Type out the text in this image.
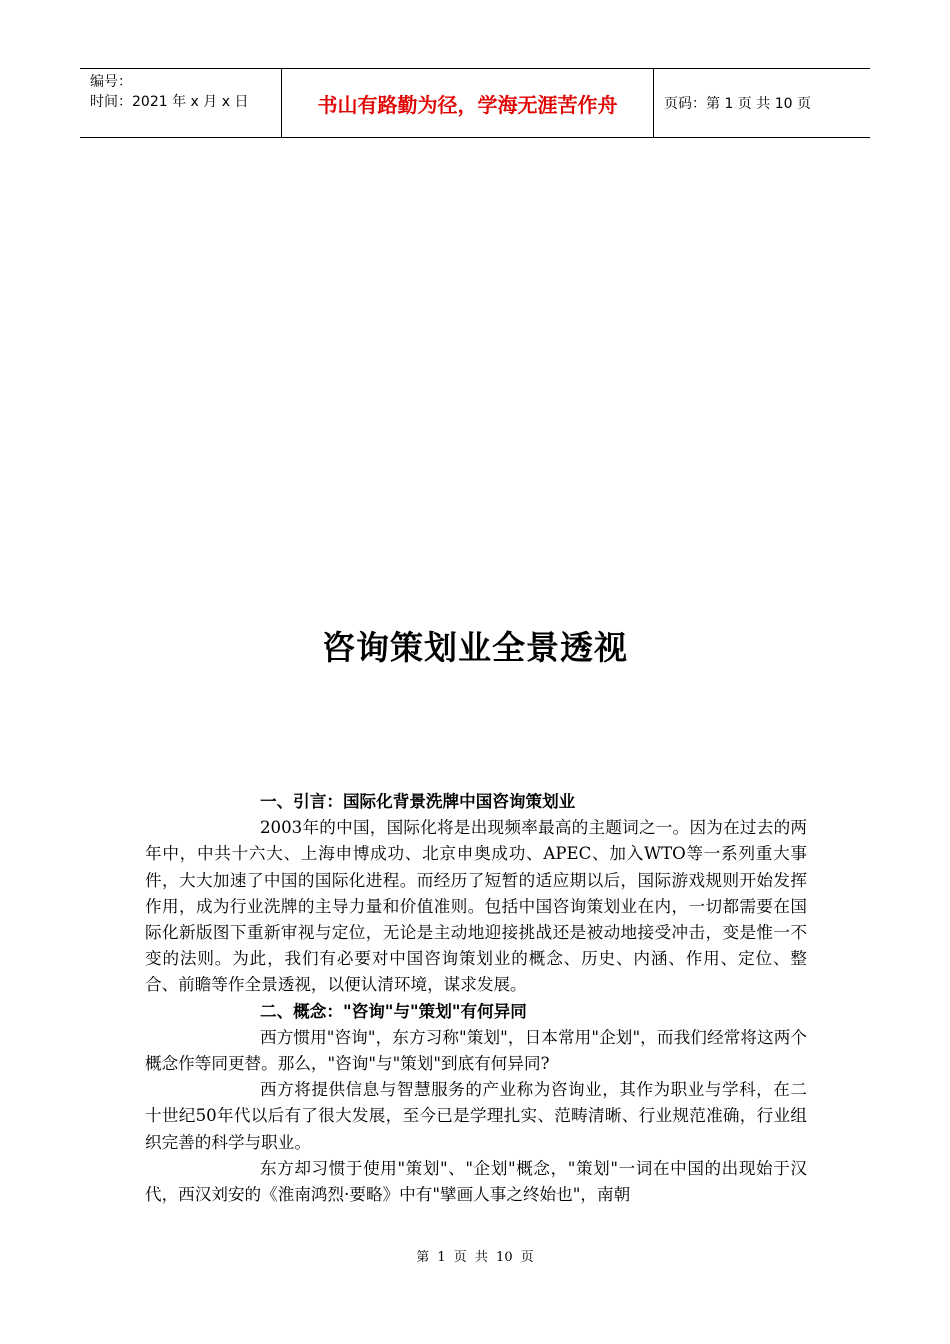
编号：
时间：2021 年 x 月 x 日	书山有路勤为径，学海无涯苦作舟	页码：第 1 页 共 10 页
咨询策划业全景透视

一、引言：国际化背景洗牌中国咨询策划业

2003年的中国，国际化将是出现频率最高的主题词之一。因为在过去的两年中，中共十六大、上海申博成功、北京申奥成功、APEC、加入WTO等一系列重大事件，大大加速了中国的国际化进程。而经历了短暂的适应期以后，国际游戏规则开始发挥作用，成为行业洗牌的主导力量和价值准则。包括中国咨询策划业在内，一切都需要在国际化新版图下重新审视与定位，无论是主动地迎接挑战还是被动地接受冲击，变是惟一不变的法则。为此，我们有必要对中国咨询策划业的概念、历史、内涵、作用、定位、整合、前瞻等作全景透视，以便认清环境，谋求发展。

二、概念："咨询"与"策划"有何异同

西方惯用"咨询"，东方习称"策划"，日本常用"企划"，而我们经常将这两个概念作等同更替。那么，"咨询"与"策划"到底有何异同?

西方将提供信息与智慧服务的产业称为咨询业，其作为职业与学科，在二十世纪50年代以后有了很大发展，至今已是学理扎实、范畴清晰、行业规范准确，行业组织完善的科学与职业。

东方却习惯于使用"策划"、"企划"概念，"策划"一词在中国的出现始于汉代，西汉刘安的《淮南鸿烈·要略》中有"擘画人事之终始也"，南朝

第 1 页 共 10 页
